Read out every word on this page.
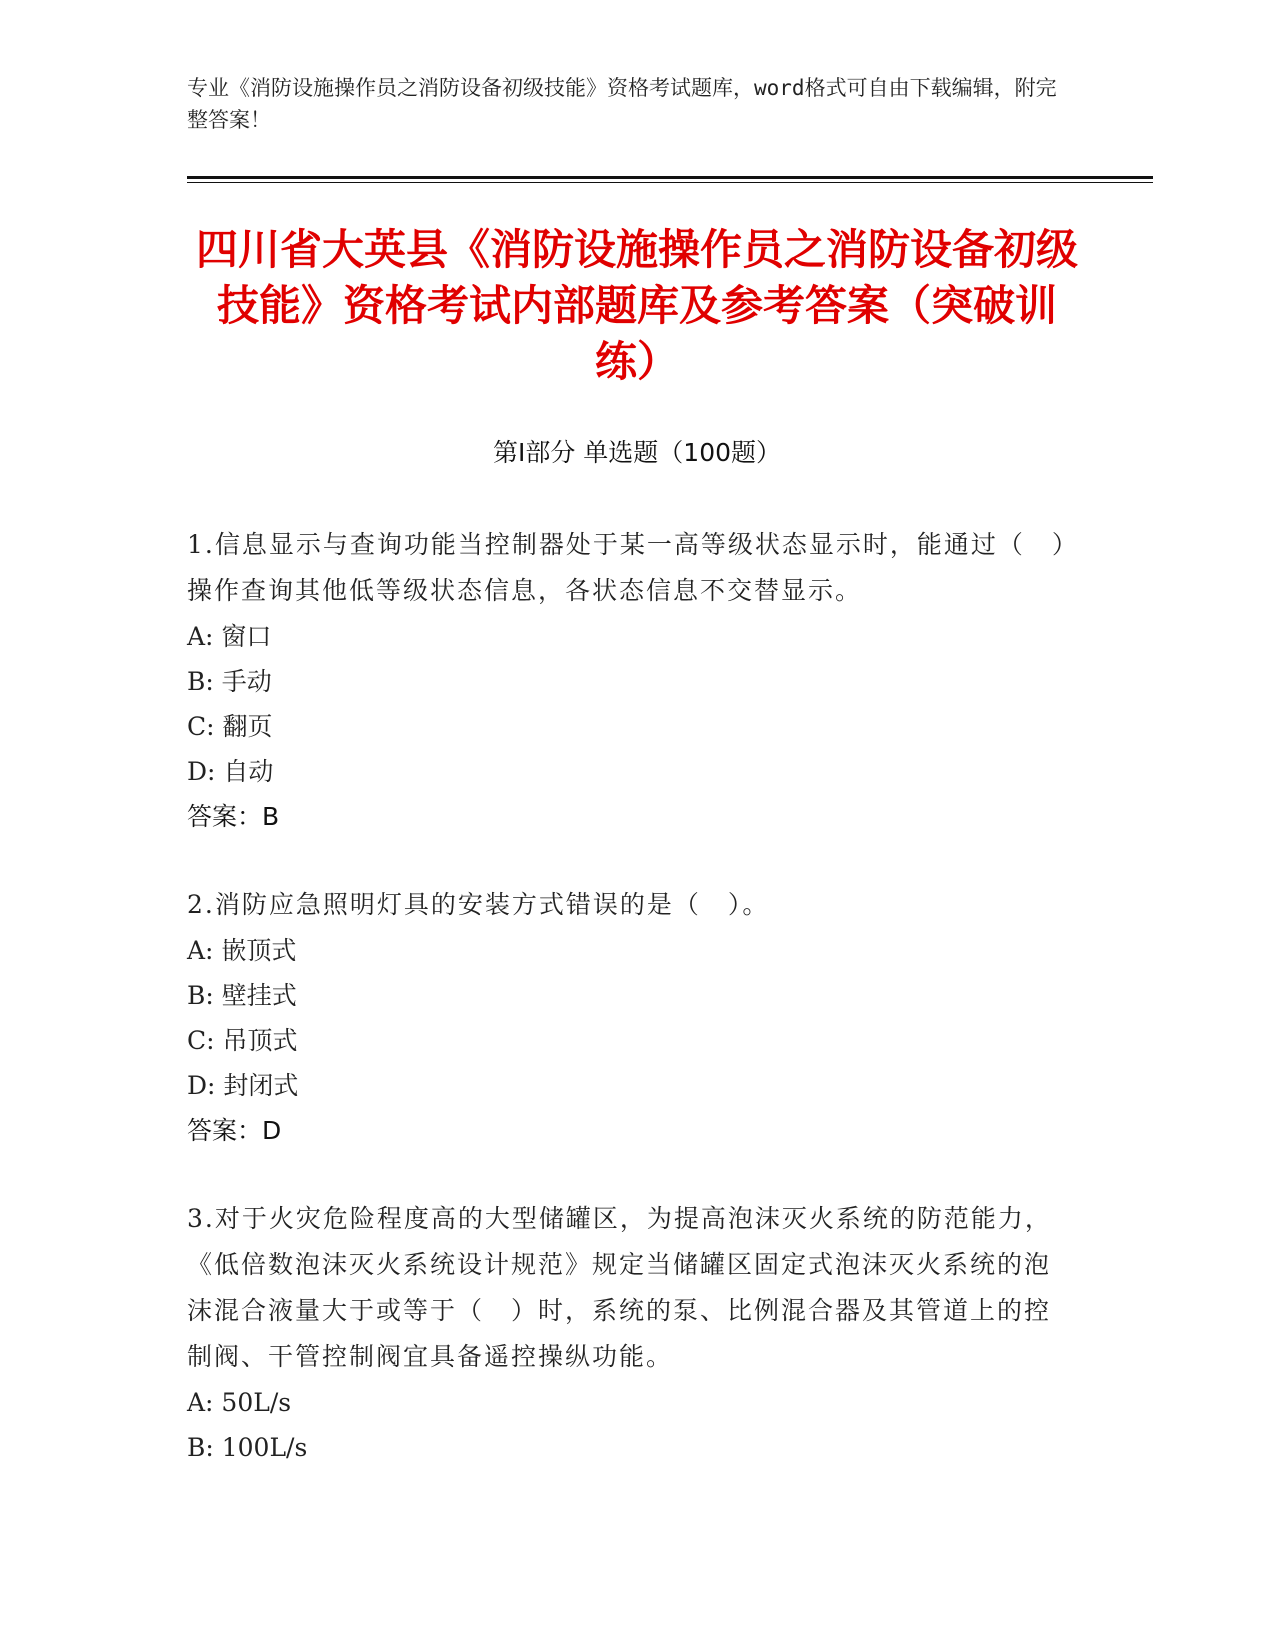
专业《消防设施操作员之消防设备初级技能》资格考试题库，word格式可自由下载编辑，附完整答案！
四川省大英县《消防设施操作员之消防设备初级技能》资格考试内部题库及参考答案（突破训练）
第Ⅰ部分 单选题（100题）

1.信息显示与查询功能当控制器处于某一高等级状态显示时，能通过（　）操作查询其他低等级状态信息，各状态信息不交替显示。

A: 窗口
B: 手动
C: 翻页
D: 自动
答案：B

2.消防应急照明灯具的安装方式错误的是（　）。

A: 嵌顶式
B: 壁挂式
C: 吊顶式
D: 封闭式
答案：D

3.对于火灾危险程度高的大型储罐区，为提高泡沫灭火系统的防范能力，《低倍数泡沫灭火系统设计规范》规定当储罐区固定式泡沫灭火系统的泡沫混合液量大于或等于（　）时，系统的泵、比例混合器及其管道上的控制阀、干管控制阀宜具备遥控操纵功能。

A: 50L/s
B: 100L/s
